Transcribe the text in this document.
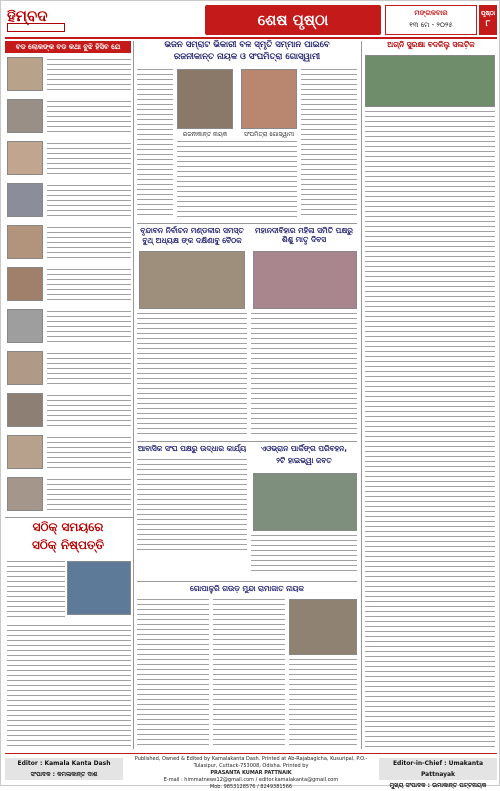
ହିମ୍ବଦ	ଶେଷ ପୃଷ୍ଠା	ମଙ୍ଗଳବାର
୧୩ ମେ - ୨୦୨୫
ପୃଷ୍ଠା
୮
ବଡ ଲୋକଙ୍କ ବଡ କଥା ବୁଝି ହିସିବ ଯେ
ସଠିକ୍ ସମୟରେ
ସଠିକ୍ ନିଷ୍ପତ୍ତି
ଭଜନ ସମ୍ରାଟ ଭିକାରୀ ବଳ ସ୍ମୃତି ସମ୍ମାନ ପାଇବେ
ରଜନୀକାନ୍ତ ନାୟକ ଓ ସଂଘମିତ୍ରା ଗୋସ୍ୱାମୀ
ରଜନୀକାନ୍ତ ନାୟକ	ସଂଘମିତ୍ରା ଗୋସ୍ୱାମୀ
ବୃନ୍ଦାବନ ନିର୍ବାଚନ ମଣ୍ଡଳୀର ସମସ୍ତ
ବୁଥ୍ ଅଧ୍ୟକ୍ଷ ଙ୍କ ଦକ୍ଷିଣାବୁ ବୈଠକ
ମହାନଦୀବିହାର ମହିଳା ସମିତି ପକ୍ଷରୁ ଶିଶୁ ମାତୃ ଦିବସ
ଆବାସିକ ସଂଘ ପକ୍ଷରୁ ଉଦ୍ଧାର କାର୍ଯ୍ୟ	ଏଓଭ୍ରାନ ପାର୍କିଙ୍ଗ ପରିବହନ,
୨ଟି ହାଇଭ୍ୱା ଜବତ
ଗୋପାଳୁରି ଗଉଡ଼ ମୁନ୍ଦା ରାମାଜାତ ନାୟକ
ଅଗ୍ନି ସୁରକ୍ଷା ବଦଳିଲୁ ସଲଟ଼ିକ
Editor : Kamala Kanta Dash
ସଂପାଦକ : କମଳାକାନ୍ତ ଦାଶ
Published, Owned & Edited by Kamalakanta Dash. Printed at Ab-Rajabagicha, Kusuripal, P.O.- Tulasipur, Cuttack-753008, Odisha. Printed by
PRASANTA KUMAR PATTNAIK
E-mail : himmatnews12@gmail.com / editor.kamalakanta@gmail.com
Mob. 9853128576 / 8249381566
Editor-in-Chief : Umakanta Pattnayak
ମୁଖ୍ୟ ସଂପାଦକ : ଉମାକାନ୍ତ ପଟ୍ଟନାୟକ
